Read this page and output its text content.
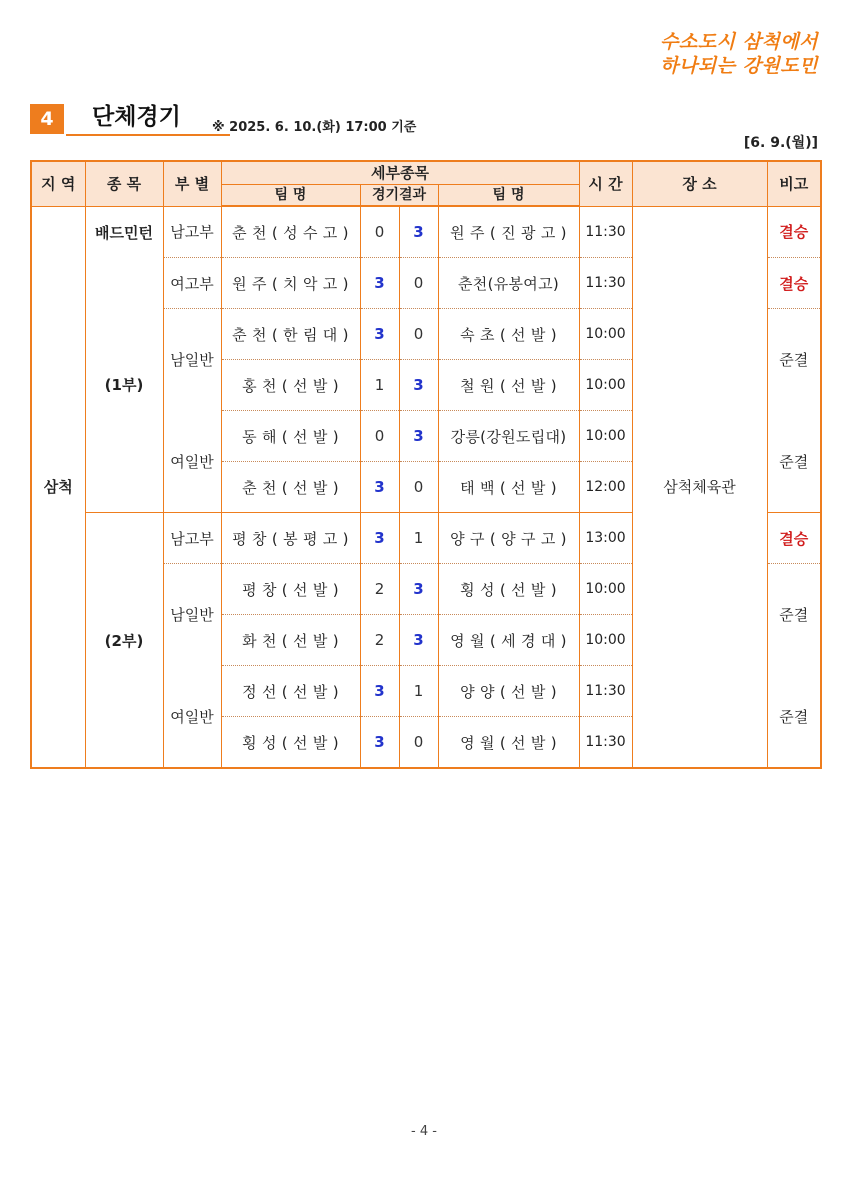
수소도시 삼척에서
하나되는 강원도민
4	단체경기 ※ 2025. 6. 10.(화) 17:00 기준
[6. 9.(월)]
지 역	종 목	부 별	세부종목				시 간	장 소	비고
			팀 명	경기결과		팀 명			
삼척	배드민턴	남고부	춘 천 ( 성 수 고 )	0	3	원 주 ( 진 광 고 )	11:30	삼척체육관	결승
	(1부)	여고부	원 주 ( 치 악 고 )	3	0	춘천(유봉여고)	11:30		결승
		남일반	춘 천 ( 한 림 대 )	3	0	속 초 ( 선 발 )	10:00		준결
			홍 천 ( 선 발 )	1	3	철 원 ( 선 발 )	10:00		
		여일반	동 해 ( 선 발 )	0	3	강릉(강원도립대)	10:00		준결
			춘 천 ( 선 발 )	3	0	태 백 ( 선 발 )	12:00		
	(2부)	남고부	평 창 ( 봉 평 고 )	3	1	양 구 ( 양 구 고 )	13:00		결승
		남일반	평 창 ( 선 발 )	2	3	횡 성 ( 선 발 )	10:00		준결
			화 천 ( 선 발 )	2	3	영 월 ( 세 경 대 )	10:00		
		여일반	정 선 ( 선 발 )	3	1	양 양 ( 선 발 )	11:30		준결
			횡 성 ( 선 발 )	3	0	영 월 ( 선 발 )	11:30		
- 4 -
